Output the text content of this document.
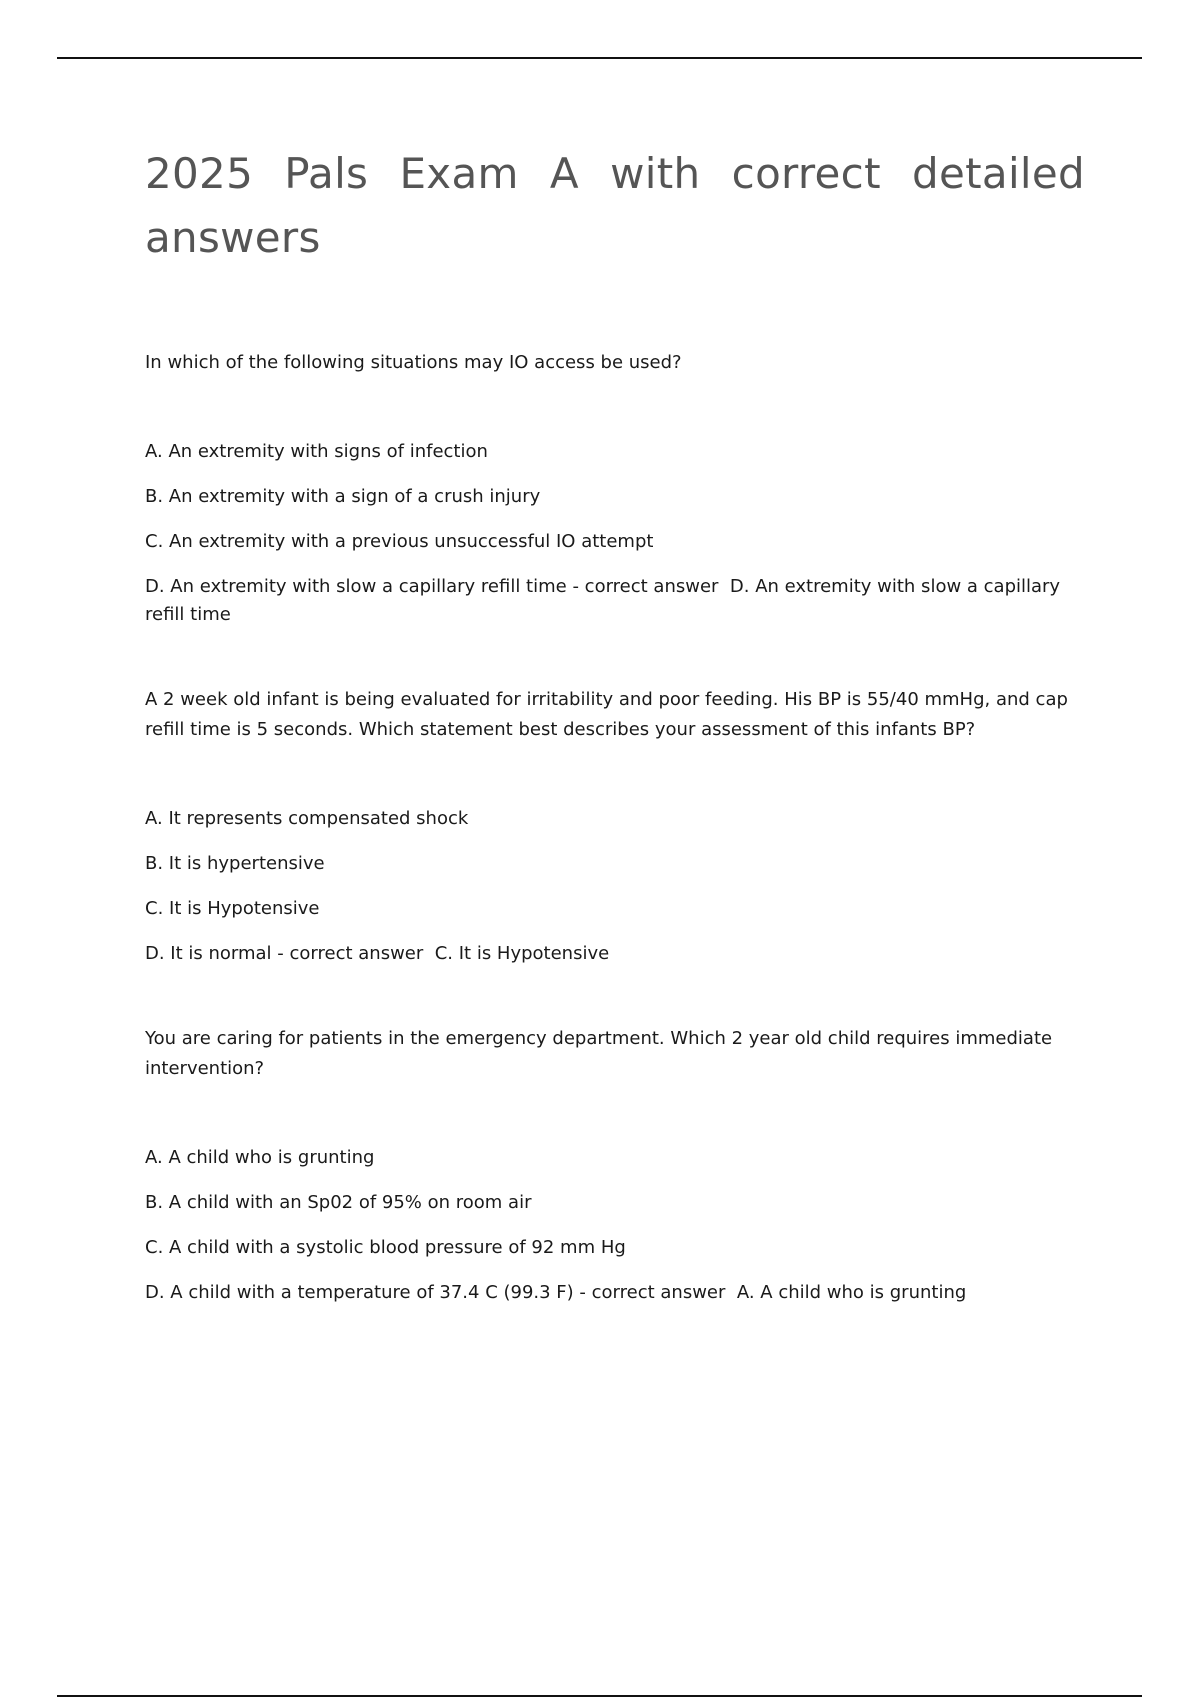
2025 Pals Exam A with correct detailed answers

In which of the following situations may IO access be used?

A. An extremity with signs of infection
B. An extremity with a sign of a crush injury
C. An extremity with a previous unsuccessful IO attempt
D. An extremity with slow a capillary refill time - correct answer  D. An extremity with slow a capillary refill time

A 2 week old infant is being evaluated for irritability and poor feeding. His BP is 55/40 mmHg, and cap refill time is 5 seconds. Which statement best describes your assessment of this infants BP?

A. It represents compensated shock
B. It is hypertensive
C. It is Hypotensive
D. It is normal - correct answer  C. It is Hypotensive

You are caring for patients in the emergency department. Which 2 year old child requires immediate intervention?

A. A child who is grunting
B. A child with an Sp02 of 95% on room air
C. A child with a systolic blood pressure of 92 mm Hg
D. A child with a temperature of 37.4 C (99.3 F) - correct answer  A. A child who is grunting
